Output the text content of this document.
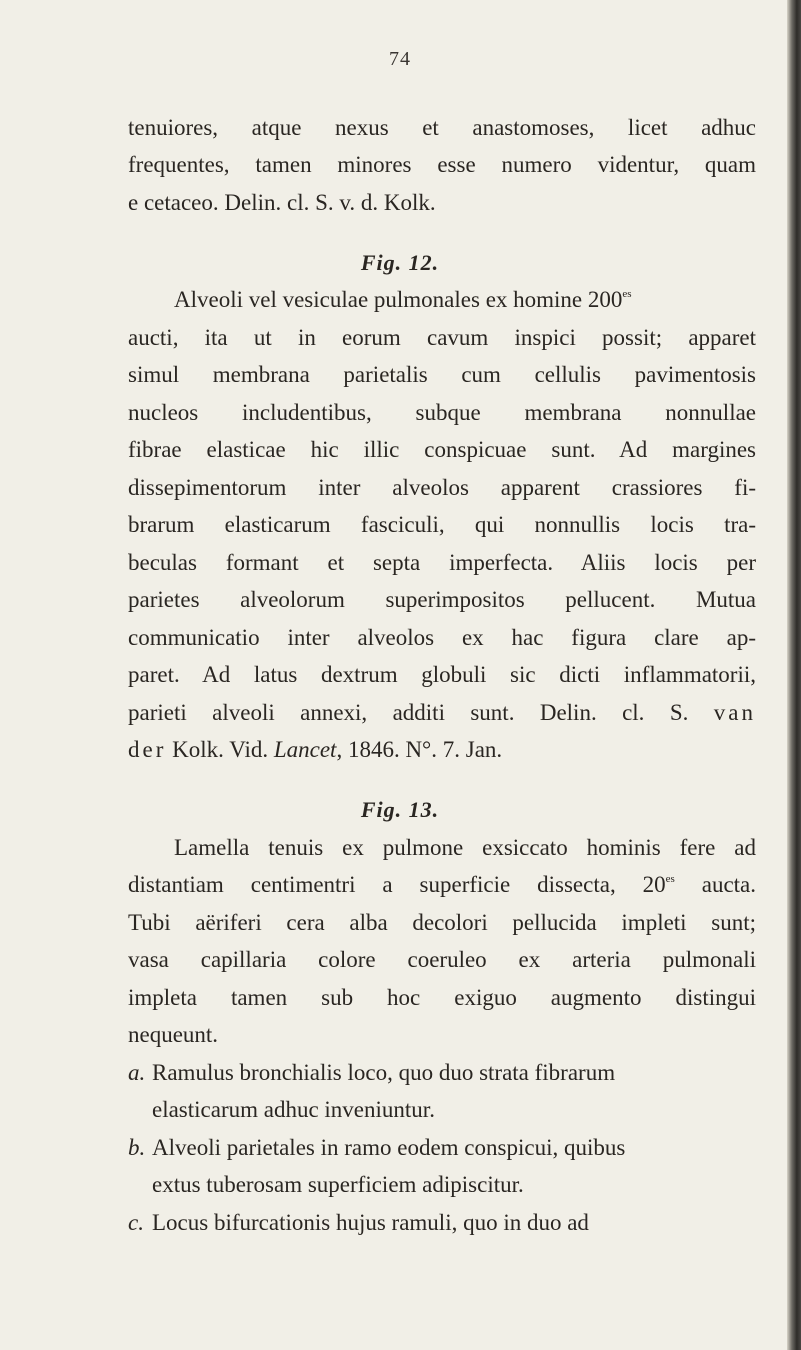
74
tenuiores, atque nexus et anastomoses, licet adhuc
frequentes, tamen minores esse numero videntur, quam
e cetaceo. Delin. cl. S. v. d. Kolk.
Fig. 12.
Alveoli vel vesiculae pulmonales ex homine $200^{es}$
aucti, ita ut in eorum cavum inspici possit; apparet
simul membrana parietalis cum cellulis pavimentosis
nucleos includentibus, subque membrana nonnullae
fibrae elasticae hic illic conspicuae sunt. Ad margines
dissepimentorum inter alveolos apparent crassiores fi-
brarum elasticarum fasciculi, qui nonnullis locis tra-
beculas formant et septa imperfecta. Aliis locis per
parietes alveolorum superimpositos pellucent. Mutua
communicatio inter alveolos ex hac figura clare ap-
paret. Ad latus dextrum globuli sic dicti inflammatorii,
parieti alveoli annexi, additi sunt. Delin. cl. S. van
der Kolk. Vid. Lancet, 1846. N°. 7. Jan.
Fig. 13.
Lamella tenuis ex pulmone exsiccato hominis fere ad
distantiam centimentri a superficie dissecta, $20^{es}$ aucta.
Tubi aëriferi cera alba decolori pellucida impleti sunt;
vasa capillaria colore coeruleo ex arteria pulmonali
impleta tamen sub hoc exiguo augmento distingui
nequeunt.
a. Ramulus bronchialis loco, quo duo strata fibrarum
elasticarum adhuc inveniuntur.
b. Alveoli parietales in ramo eodem conspicui, quibus
extus tuberosam superficiem adipiscitur.
c. Locus bifurcationis hujus ramuli, quo in duo ad
